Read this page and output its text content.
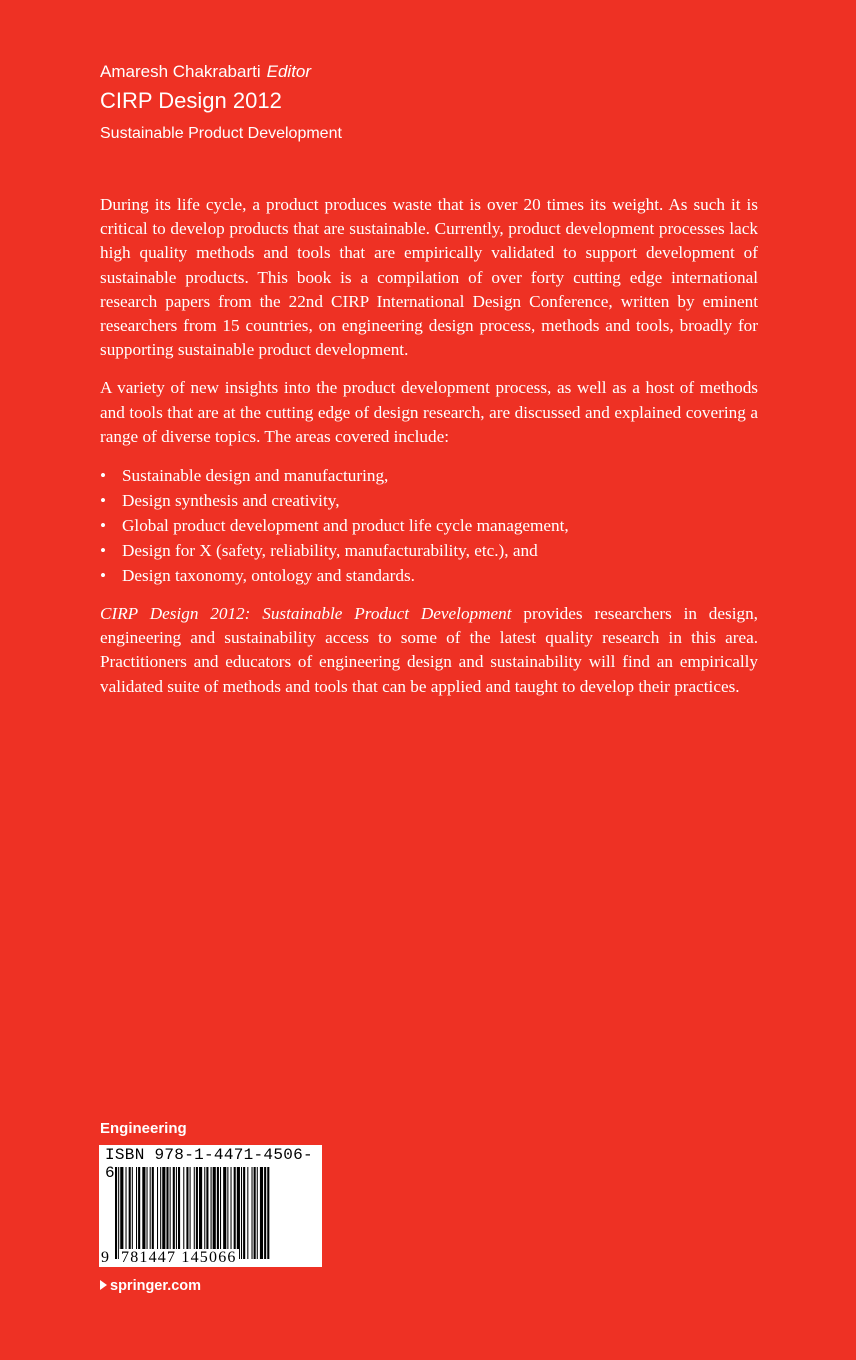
Amaresh Chakrabarti Editor
CIRP Design 2012
Sustainable Product Development

During its life cycle, a product produces waste that is over 20 times its weight. As such it is critical to develop products that are sustainable. Currently, product development processes lack high quality methods and tools that are empirically validated to support development of sustainable products. This book is a compilation of over forty cutting edge international research papers from the 22nd CIRP International Design Conference, written by eminent researchers from 15 countries, on engineering design process, methods and tools, broadly for supporting sustainable product development.

A variety of new insights into the product development process, as well as a host of methods and tools that are at the cutting edge of design research, are discussed and explained covering a range of diverse topics. The areas covered include:

• Sustainable design and manufacturing,
• Design synthesis and creativity,
• Global product development and product life cycle management,
• Design for X (safety, reliability, manufacturability, etc.), and
• Design taxonomy, ontology and standards.

CIRP Design 2012: Sustainable Product Development provides researchers in design, engineering and sustainability access to some of the latest quality research in this area. Practitioners and educators of engineering design and sustainability will find an empirically validated suite of methods and tools that can be applied and taught to develop their practices.

Engineering
ISBN 978-1-4471-4506-6
9 781447 145066
springer.com
